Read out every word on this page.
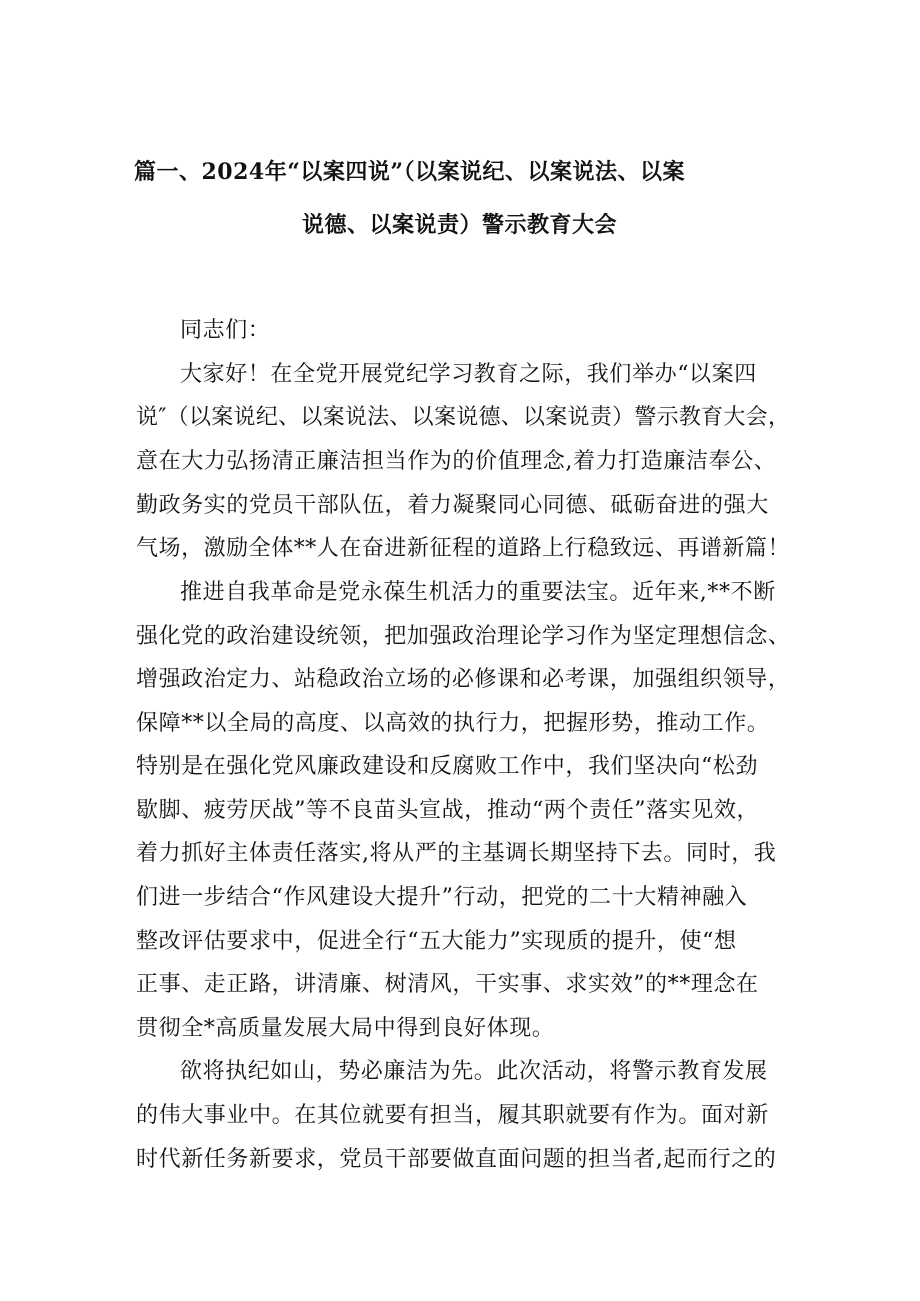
篇一、2024年“以案四说”（以案说纪、以案说法、以案
说德、以案说责）警示教育大会
同志们：
大家好！在全党开展党纪学习教育之际，我们举办“以案四
说″（以案说纪、以案说法、以案说德、以案说责）警示教育大会，
意在大力弘扬清正廉洁担当作为的价值理念,着力打造廉洁奉公、
勤政务实的党员干部队伍，着力凝聚同心同德、砥砺奋进的强大
气场，激励全体**人在奋进新征程的道路上行稳致远、再谱新篇！
推进自我革命是党永葆生机活力的重要法宝。近年来,**不断
强化党的政治建设统领，把加强政治理论学习作为坚定理想信念、
增强政治定力、站稳政治立场的必修课和必考课，加强组织领导，
保障**以全局的高度、以高效的执行力，把握形势，推动工作。
特别是在强化党风廉政建设和反腐败工作中，我们坚决向“松劲
歇脚、疲劳厌战”等不良苗头宣战，推动“两个责任”落实见效，
着力抓好主体责任落实,将从严的主基调长期坚持下去。同时，我
们进一步结合“作风建设大提升”行动，把党的二十大精神融入
整改评估要求中，促进全行“五大能力”实现质的提升，使“想
正事、走正路，讲清廉、树清风，干实事、求实效”的**理念在
贯彻全*高质量发展大局中得到良好体现。
欲将执纪如山，势必廉洁为先。此次活动，将警示教育发展
的伟大事业中。在其位就要有担当，履其职就要有作为。面对新
时代新任务新要求，党员干部要做直面问题的担当者,起而行之的
